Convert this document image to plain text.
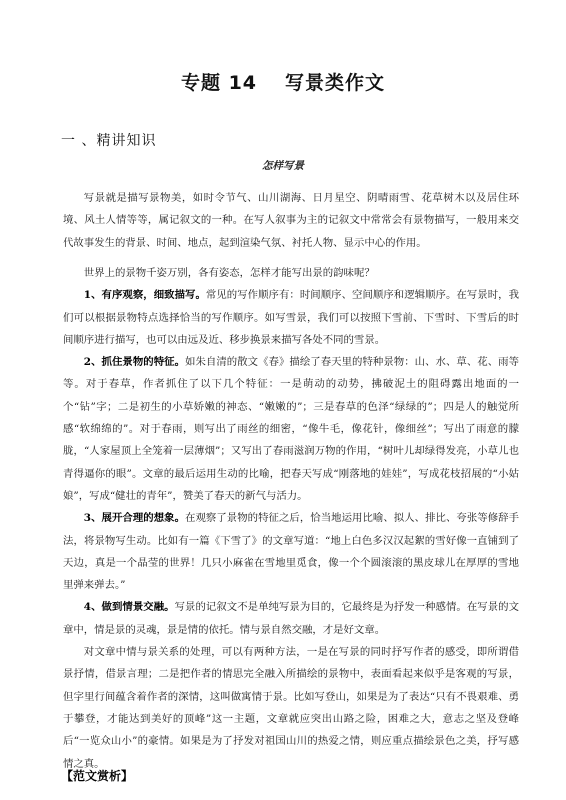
专题 14 写景类作文
一 、精讲知识
怎样写景

写景就是描写景物美，如时令节气、山川湖海、日月星空、阴晴雨雪、花草树木以及居住环境、风土人情等等，属记叙文的一种。在写人叙事为主的记叙文中常常会有景物描写，一般用来交代故事发生的背景、时间、地点，起到渲染气氛、衬托人物、显示中心的作用。

世界上的景物千姿万别，各有姿态，怎样才能写出景的韵味呢？

1、有序观察，细致描写。常见的写作顺序有：时间顺序、空间顺序和逻辑顺序。在写景时，我们可以根据景物特点选择恰当的写作顺序。如写雪景，我们可以按照下雪前、下雪时、下雪后的时间顺序进行描写，也可以由远及近、移步换景来描写各处不同的雪景。

2、抓住景物的特征。如朱自清的散文《春》描绘了春天里的特种景物：山、水、草、花、雨等等。对于春草，作者抓住了以下几个特征：一是萌动的动势，拂破泥土的阻碍露出地面的一个“钻”字；二是初生的小草娇嫩的神态、“嫩嫩的”；三是春草的色泽“绿绿的”；四是人的触觉所感“软绵绵的”。对于春雨，则写出了雨丝的细密，“像牛毛，像花针，像细丝”；写出了雨意的朦胧，“人家屋顶上全笼着一层薄烟”；又写出了春雨滋润万物的作用，“树叶儿却绿得发亮，小草儿也青得逼你的眼”。文章的最后运用生动的比喻，把春天写成“刚落地的娃娃”，写成花枝招展的“小姑娘”，写成“健壮的青年”，赞美了春天的新气与活力。

3、展开合理的想象。在观察了景物的特征之后，恰当地运用比喻、拟人、排比、夸张等修辞手法，将景物写生动。比如有一篇《下雪了》的文章写道：“地上白色多汉汉起絮的雪好像一直铺到了天边，真是一个晶莹的世界！几只小麻雀在雪地里觅食，像一个个圆滚滚的黑皮球儿在厚厚的雪地里弹来弹去。”

4、做到情景交融。写景的记叙文不是单纯写景为目的，它最终是为抒发一种感情。在写景的文章中，情是景的灵魂，景是情的依托。情与景自然交融，才是好文章。

对文章中情与景关系的处理，可以有两种方法，一是在写景的同时抒写作者的感受，即所谓借景抒情，借景言理；二是把作者的情思完全融入所描绘的景物中，表面看起来似乎是客观的写景，但字里行间蕴含着作者的深情，这叫做寓情于景。比如写登山，如果是为了表达“只有不畏艰难、勇于攀登，才能达到美好的顶峰”这一主题，文章就应突出山路之险，困难之大，意志之坚及登峰后“一览众山小”的豪情。如果是为了抒发对祖国山川的热爱之情，则应重点描绘景色之美，抒写感情之真。

【范文赏析】
